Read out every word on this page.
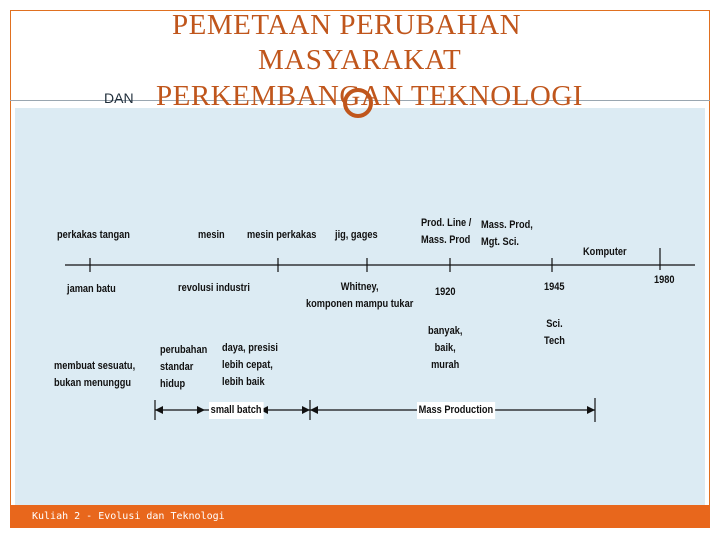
PEMETAAN PERUBAHAN
MASYARAKAT
DAN PERKEMBANGAN TEKNOLOGI
perkakas tangan	mesin mesin perkakas jig, gages
Prod. Line /
Mass. Prod
Mass. Prod,
Mgt. Sci.
Komputer
jaman batu	revolusi industri	Whitney,
komponen mampu tukar
1920	1945
1980
membuat sesuatu,
bukan menunggu
perubahan
standar
hidup
daya, presisi
lebih cepat,
lebih baik
banyak,
baik,
murah
Sci.
Tech
small batch	Mass Production
Kuliah 2 - Evolusi dan Teknologi
